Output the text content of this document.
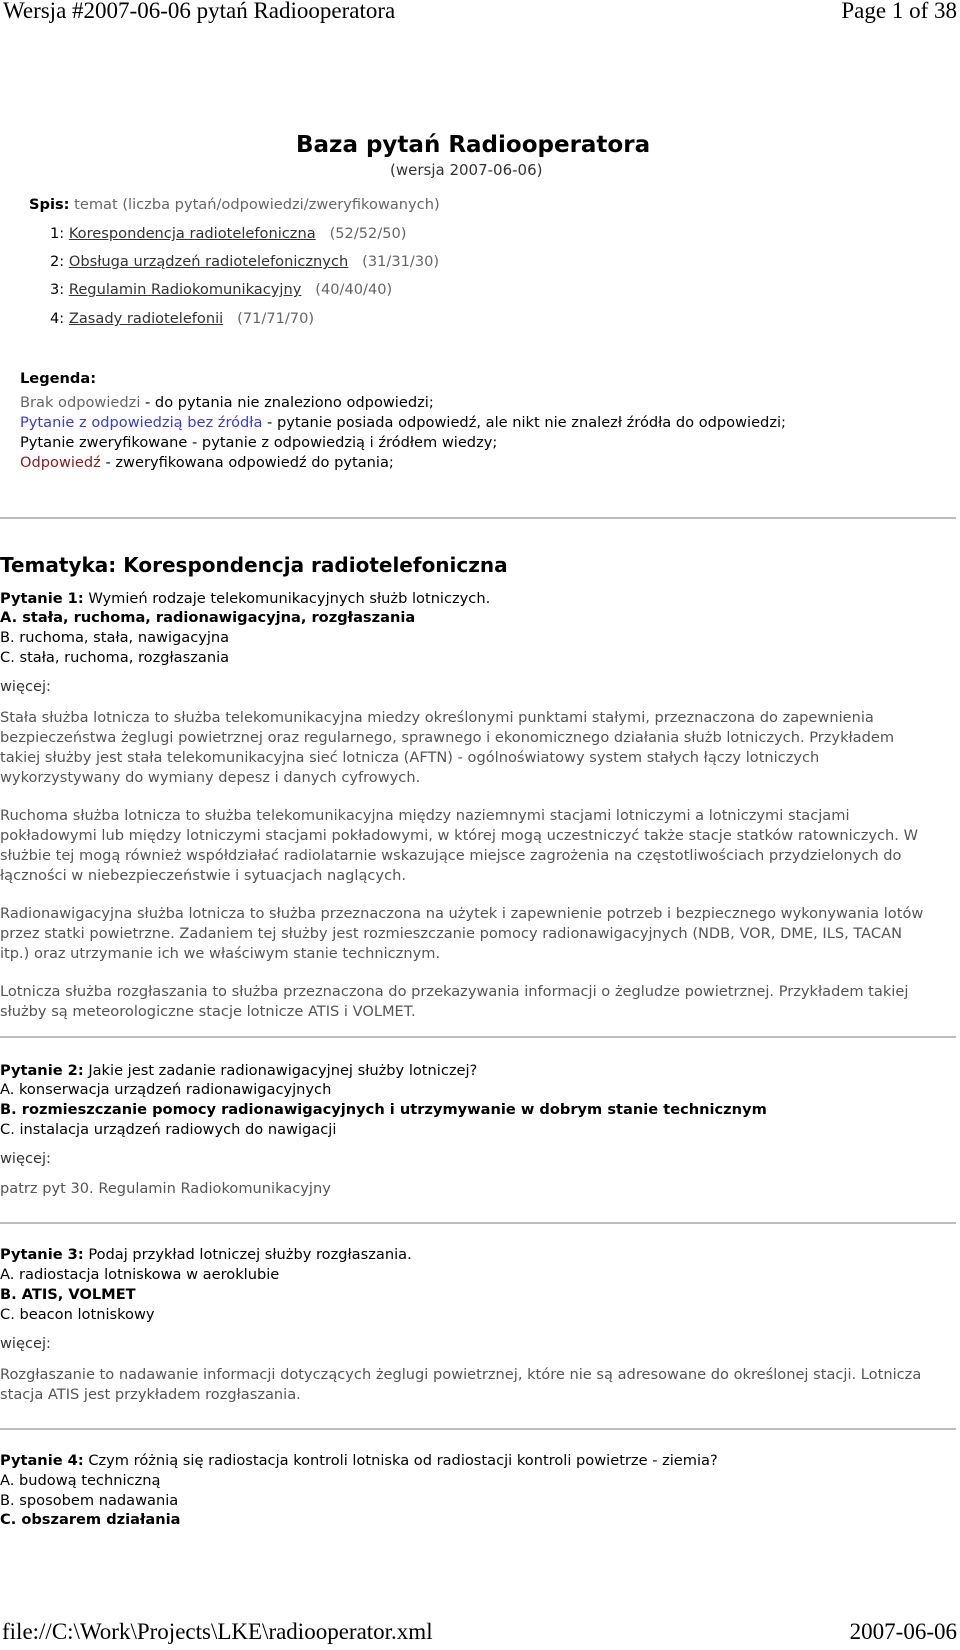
Wersja #2007-06-06 pytań Radiooperatora	Page 1 of 38
file://C:\Work\Projects\LKE\radiooperator.xml	2007-06-06
Baza pytań Radiooperatora
(wersja 2007-06-06)
Spis: temat (liczba pytań/odpowiedzi/zweryfikowanych)
1: Korespondencja radiotelefoniczna (52/52/50)
2: Obsługa urządzeń radiotelefonicznych (31/31/30)
3: Regulamin Radiokomunikacyjny (40/40/40)
4: Zasady radiotelefonii (71/71/70)
Legenda:
Brak odpowiedzi - do pytania nie znaleziono odpowiedzi;
Pytanie z odpowiedzią bez źródła - pytanie posiada odpowiedź, ale nikt nie znalezł źródła do odpowiedzi;
Pytanie zweryfikowane - pytanie z odpowiedzią i źródłem wiedzy;
Odpowiedź - zweryfikowana odpowiedź do pytania;
Tematyka: Korespondencja radiotelefoniczna
Pytanie 1: Wymień rodzaje telekomunikacyjnych służb lotniczych.
A. stała, ruchoma, radionawigacyjna, rozgłaszania
B. ruchoma, stała, nawigacyjna
C. stała, ruchoma, rozgłaszania
więcej:
Stała służba lotnicza to służba telekomunikacyjna miedzy określonymi punktami stałymi, przeznaczona do zapewnienia bezpieczeństwa żeglugi powietrznej oraz regularnego, sprawnego i ekonomicznego działania służb lotniczych. Przykładem takiej służby jest stała telekomunikacyjna sieć lotnicza (AFTN) - ogólnoświatowy system stałych łączy lotniczych wykorzystywany do wymiany depesz i danych cyfrowych.
Ruchoma służba lotnicza to służba telekomunikacyjna między naziemnymi stacjami lotniczymi a lotniczymi stacjami pokładowymi lub między lotniczymi stacjami pokładowymi, w której mogą uczestniczyć także stacje statków ratowniczych. W służbie tej mogą również współdziałać radiolatarnie wskazujące miejsce zagrożenia na częstotliwościach przydzielonych do łączności w niebezpieczeństwie i sytuacjach naglących.
Radionawigacyjna służba lotnicza to służba przeznaczona na użytek i zapewnienie potrzeb i bezpiecznego wykonywania lotów przez statki powietrzne. Zadaniem tej służby jest rozmieszczanie pomocy radionawigacyjnych (NDB, VOR, DME, ILS, TACAN itp.) oraz utrzymanie ich we właściwym stanie technicznym.
Lotnicza służba rozgłaszania to służba przeznaczona do przekazywania informacji o żegludze powietrznej. Przykładem takiej służby są meteorologiczne stacje lotnicze ATIS i VOLMET.
Pytanie 2: Jakie jest zadanie radionawigacyjnej służby lotniczej?
A. konserwacja urządzeń radionawigacyjnych
B. rozmieszczanie pomocy radionawigacyjnych i utrzymywanie w dobrym stanie technicznym
C. instalacja urządzeń radiowych do nawigacji
więcej:
patrz pyt 30. Regulamin Radiokomunikacyjny
Pytanie 3: Podaj przykład lotniczej służby rozgłaszania.
A. radiostacja lotniskowa w aeroklubie
B. ATIS, VOLMET
C. beacon lotniskowy
więcej:
Rozgłaszanie to nadawanie informacji dotyczących żeglugi powietrznej, które nie są adresowane do określonej stacji. Lotnicza stacja ATIS jest przykładem rozgłaszania.
Pytanie 4: Czym różnią się radiostacja kontroli lotniska od radiostacji kontroli powietrze - ziemia?
A. budową techniczną
B. sposobem nadawania
C. obszarem działania
